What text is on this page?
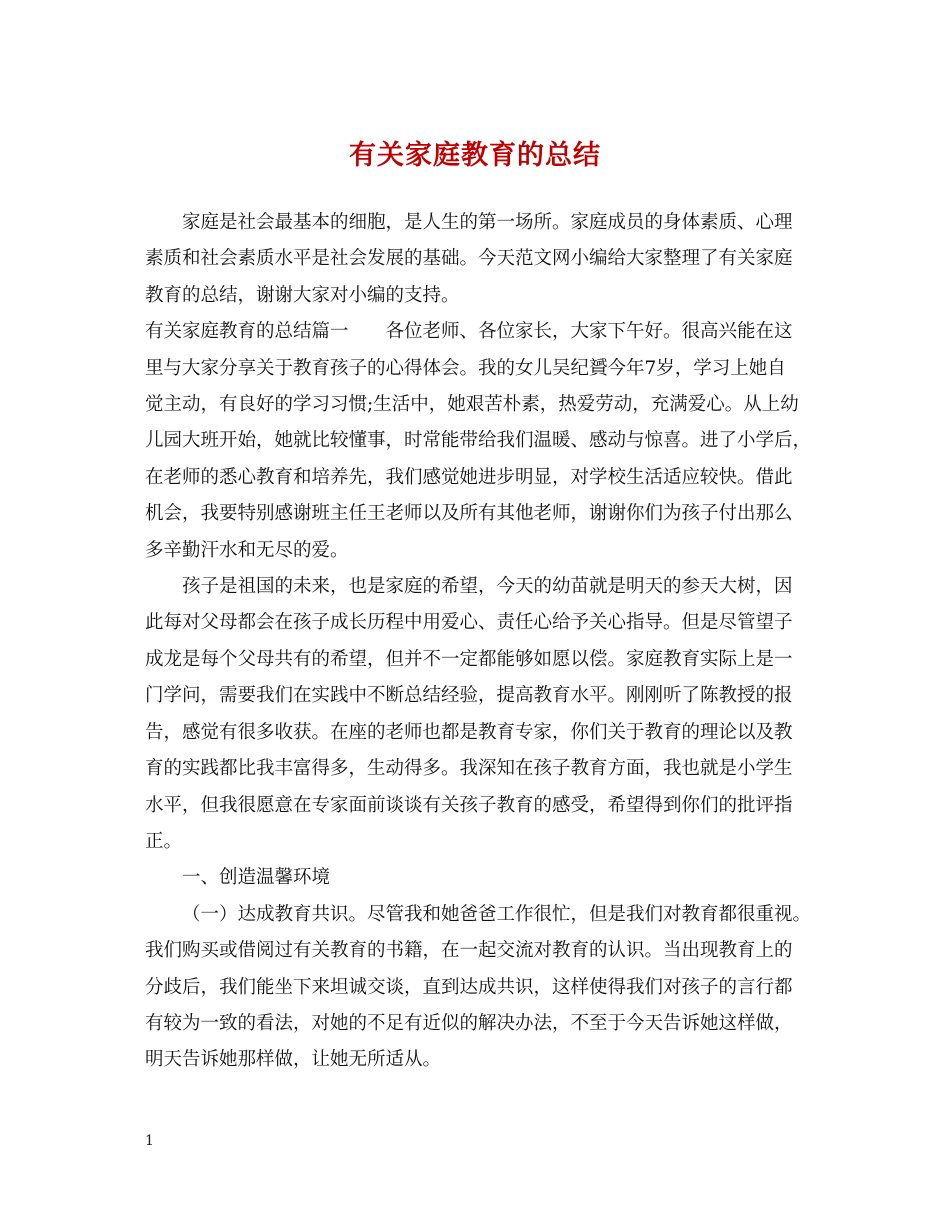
有关家庭教育的总结

家庭是社会最基本的细胞，是人生的第一场所。家庭成员的身体素质、心理
素质和社会素质水平是社会发展的基础。今天范文网小编给大家整理了有关家庭
教育的总结，谢谢大家对小编的支持。

有关家庭教育的总结篇一 各位老师、各位家长，大家下午好。很高兴能在这
里与大家分享关于教育孩子的心得体会。我的女儿吴纪贇今年7岁，学习上她自
觉主动，有良好的学习习惯;生活中，她艰苦朴素，热爱劳动，充满爱心。从上幼
儿园大班开始，她就比较懂事，时常能带给我们温暖、感动与惊喜。进了小学后，
在老师的悉心教育和培养先，我们感觉她进步明显，对学校生活适应较快。借此
机会，我要特别感谢班主任王老师以及所有其他老师，谢谢你们为孩子付出那么
多辛勤汗水和无尽的爱。

孩子是祖国的未来，也是家庭的希望，今天的幼苗就是明天的参天大树，因
此每对父母都会在孩子成长历程中用爱心、责任心给予关心指导。但是尽管望子
成龙是每个父母共有的希望，但并不一定都能够如愿以偿。家庭教育实际上是一
门学问，需要我们在实践中不断总结经验，提高教育水平。刚刚听了陈教授的报
告，感觉有很多收获。在座的老师也都是教育专家，你们关于教育的理论以及教
育的实践都比我丰富得多，生动得多。我深知在孩子教育方面，我也就是小学生
水平，但我很愿意在专家面前谈谈有关孩子教育的感受，希望得到你们的批评指
正。

一、创造温馨环境

（一）达成教育共识。尽管我和她爸爸工作很忙，但是我们对教育都很重视。
我们购买或借阅过有关教育的书籍，在一起交流对教育的认识。当出现教育上的
分歧后，我们能坐下来坦诚交谈，直到达成共识，这样使得我们对孩子的言行都
有较为一致的看法，对她的不足有近似的解决办法，不至于今天告诉她这样做，
明天告诉她那样做，让她无所适从。

1
